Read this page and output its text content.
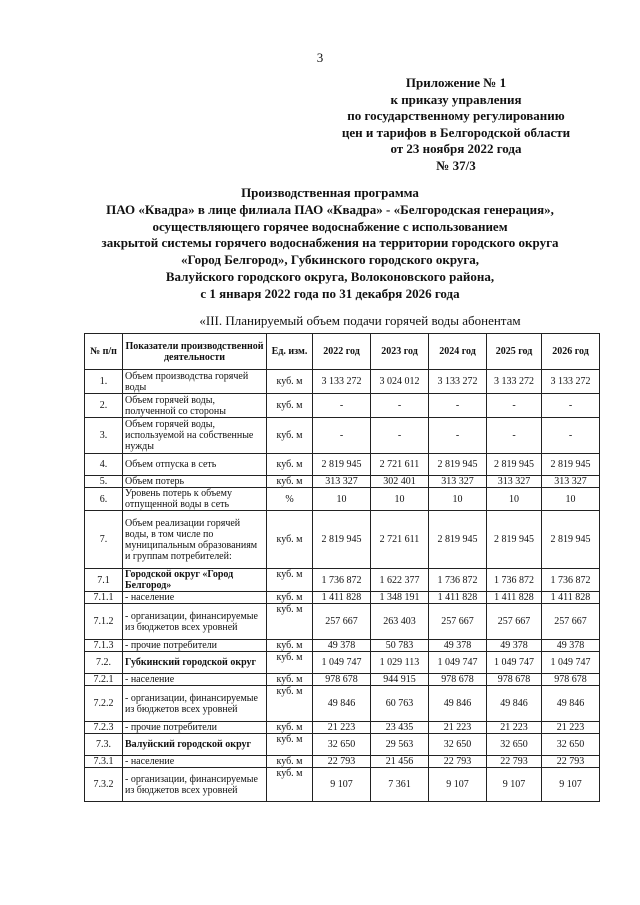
3
Приложение № 1
к приказу управления
по государственному регулированию
цен и тарифов в Белгородской области
от 23 ноября 2022 года
№ 37/3
Производственная программа
ПАО «Квадра» в лице филиала ПАО «Квадра» - «Белгородская генерация»,
осуществляющего горячее водоснабжение с использованием
закрытой системы горячего водоснабжения на территории городского округа
«Город Белгород», Губкинского городского округа,
Валуйского городского округа, Волоконовского района,
с 1 января 2022 года по 31 декабря 2026 года
«III. Планируемый объем подачи горячей воды абонентам
№ п/п	Показатели производственной деятельности	Ед. изм.	2022 год	2023 год	2024 год	2025 год	2026 год
1.	Объем производства горячей воды	куб. м	3 133 272	3 024 012	3 133 272	3 133 272	3 133 272
2.	Объем горячей воды, полученной со стороны	куб. м	-	-	-	-	-
3.	Объем горячей воды, используемой на собственные нужды	куб. м	-	-	-	-	-
4.	Объем отпуска в сеть	куб. м	2 819 945	2 721 611	2 819 945	2 819 945	2 819 945
5.	Объем потерь	куб. м	313 327	302 401	313 327	313 327	313 327
6.	Уровень потерь к объему отпущенной воды в сеть	%	10	10	10	10	10
7.	Объем реализации горячей воды, в том числе по муниципальным образованиям и группам потребителей:	куб. м	2 819 945	2 721 611	2 819 945	2 819 945	2 819 945
7.1	Городской округ «Город Белгород»	куб. м	1 736 872	1 622 377	1 736 872	1 736 872	1 736 872
7.1.1	- население	куб. м	1 411 828	1 348 191	1 411 828	1 411 828	1 411 828
7.1.2	- организации, финансируемые из бюджетов всех уровней	куб. м	257 667	263 403	257 667	257 667	257 667
7.1.3	- прочие потребители	куб. м	49 378	50 783	49 378	49 378	49 378
7.2.	Губкинский городской округ	куб. м	1 049 747	1 029 113	1 049 747	1 049 747	1 049 747
7.2.1	- население	куб. м	978 678	944 915	978 678	978 678	978 678
7.2.2	- организации, финансируемые из бюджетов всех уровней	куб. м	49 846	60 763	49 846	49 846	49 846
7.2.3	- прочие потребители	куб. м	21 223	23 435	21 223	21 223	21 223
7.3.	Валуйский городской округ	куб. м	32 650	29 563	32 650	32 650	32 650
7.3.1	- население	куб. м	22 793	21 456	22 793	22 793	22 793
7.3.2	- организации, финансируемые из бюджетов всех уровней	куб. м	9 107	7 361	9 107	9 107	9 107
